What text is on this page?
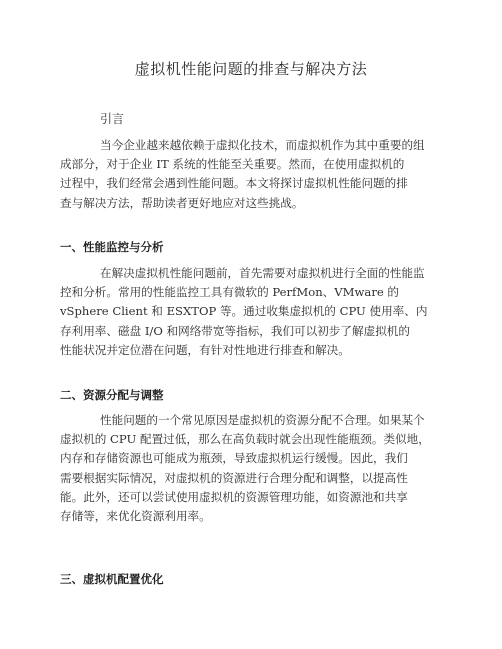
虚拟机性能问题的排查与解决方法
引言
当今企业越来越依赖于虚拟化技术，而虚拟机作为其中重要的组
成部分，对于企业 IT 系统的性能至关重要。然而，在使用虚拟机的
过程中，我们经常会遇到性能问题。本文将探讨虚拟机性能问题的排
查与解决方法，帮助读者更好地应对这些挑战。
一、性能监控与分析
在解决虚拟机性能问题前，首先需要对虚拟机进行全面的性能监
控和分析。常用的性能监控工具有微软的 PerfMon、VMware 的
vSphere Client 和 ESXTOP 等。通过收集虚拟机的 CPU 使用率、内
存利用率、磁盘 I/O 和网络带宽等指标，我们可以初步了解虚拟机的
性能状况并定位潜在问题，有针对性地进行排查和解决。
二、资源分配与调整
性能问题的一个常见原因是虚拟机的资源分配不合理。如果某个
虚拟机的 CPU 配置过低，那么在高负载时就会出现性能瓶颈。类似地，
内存和存储资源也可能成为瓶颈，导致虚拟机运行缓慢。因此，我们
需要根据实际情况，对虚拟机的资源进行合理分配和调整，以提高性
能。此外，还可以尝试使用虚拟机的资源管理功能，如资源池和共享
存储等，来优化资源利用率。
三、虚拟机配置优化
